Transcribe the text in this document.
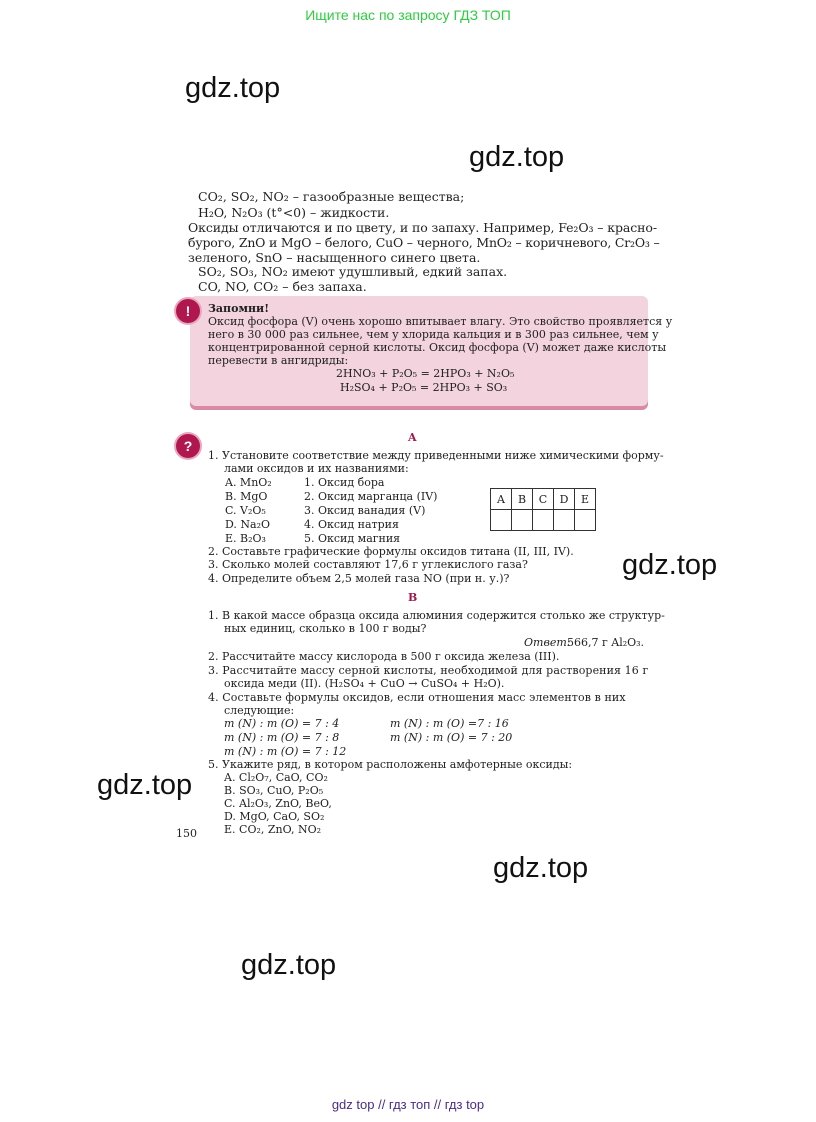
Ищите нас по запросу ГДЗ ТОП
gdz.top
gdz.top
gdz.top
gdz.top
gdz.top
gdz.top
CO₂, SO₂, NO₂ – газообразные вещества;
H₂O, N₂O₃ (t°<0) – жидкости.
Оксиды отличаются и по цвету, и по запаху. Например, Fe₂O₃ – красно-
бурого, ZnO и MgO – белого, CuO – черного, MnO₂ – коричневого, Cr₂O₃ –
зеленого, SnO – насыщенного синего цвета.
SO₂, SO₃, NO₂ имеют удушливый, едкий запах.
CO, NO, CO₂ – без запаха.
!	Запомни!
Оксид фосфора (V) очень хорошо впитывает влагу. Это свойство проявляется у
него в 30 000 раз сильнее, чем у хлорида кальция и в 300 раз сильнее, чем у
концентрированной серной кислоты. Оксид фосфора (V) может даже кислоты
перевести в ангидриды:
2HNO₃ + P₂O₅ = 2HPO₃ + N₂O₅
H₂SO₄ + P₂O₅ = 2HPO₃ + SO₃
?
A
1. Установите соответствие между приведенными ниже химическими форму-
лами оксидов и их названиями:
A. MnO₂
B. MgO
C. V₂O₅
D. Na₂O
E. B₂O₃
1. Оксид бора
2. Оксид марганца (IV)
3. Оксид ванадия (V)
4. Оксид натрия
5. Оксид магния
A	B	C	D	E

2. Составьте графические формулы оксидов титана (II, III, IV).
3. Сколько молей составляют 17,6 г углекислого газа?
4. Определите объем 2,5 молей газа NO (при н. у.)?
B
1. В какой массе образца оксида алюминия содержится столько же структур-
ных единиц, сколько в 100 г воды?
Ответ:
566,7 г Al₂O₃.
2. Рассчитайте массу кислорода в 500 г оксида железа (III).
3. Рассчитайте массу серной кислоты, необходимой для растворения 16 г
оксида меди (II). (H₂SO₄ + CuO → CuSO₄ + H₂O).
4. Составьте формулы оксидов, если отношения масс элементов в них
следующие:
m (N) : m (O) = 7 : 4
m (N) : m (O) = 7 : 8
m (N) : m (O) = 7 : 12
m (N) : m (O) =7 : 16
m (N) : m (O) = 7 : 20
5. Укажите ряд, в котором расположены амфотерные оксиды:
A. Cl₂O₇, CaO, CO₂
B. SO₃, CuO, P₂O₅
C. Al₂O₃, ZnO, BeO,
D. MgO, CaO, SO₂
E. CO₂, ZnO, NO₂
150
gdz top // гдз топ // гдз top
